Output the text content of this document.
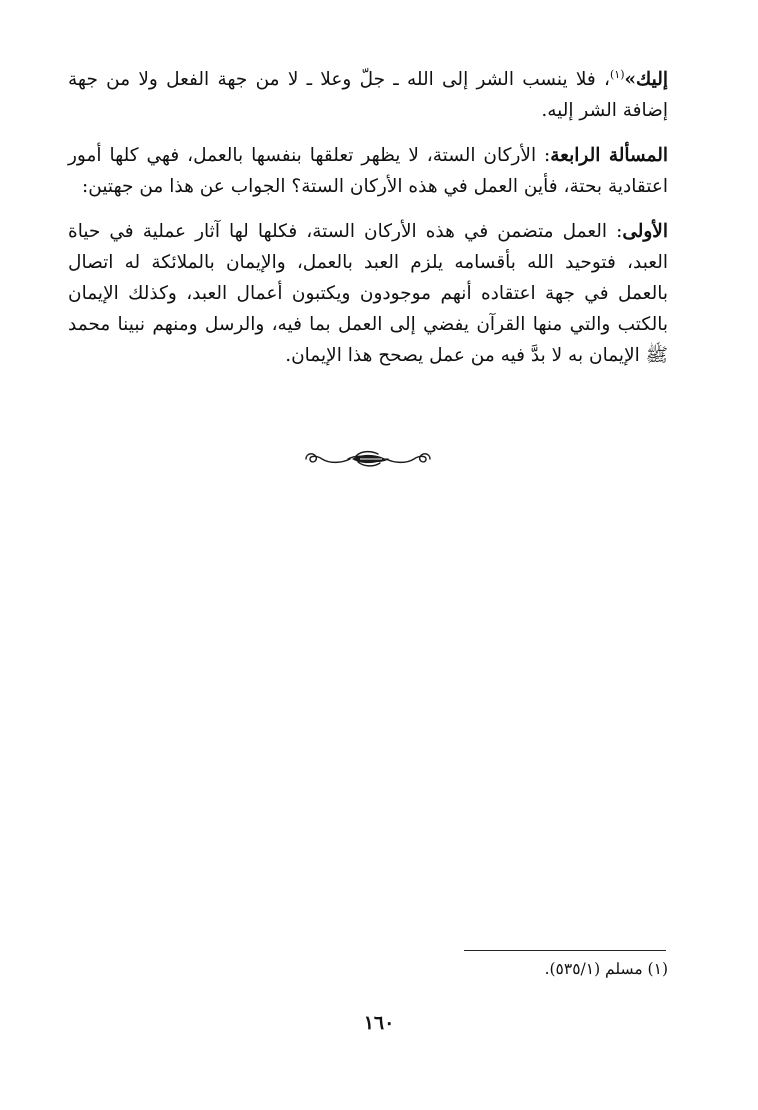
إليك»$^{(١)}$، فلا ينسب الشر إلى الله ـ جلّ وعلا ـ لا من جهة الفعل ولا من جهة إضافة الشر إليه.

المسألة الرابعة: الأركان الستة، لا يظهر تعلقها بنفسها بالعمل، فهي كلها أمور اعتقادية بحتة، فأين العمل في هذه الأركان الستة؟ الجواب عن هذا من جهتين:

الأولى: العمل متضمن في هذه الأركان الستة، فكلها لها آثار عملية في حياة العبد، فتوحيد الله بأقسامه يلزم العبد بالعمل، والإيمان بالملائكة له اتصال بالعمل في جهة اعتقاده أنهم موجودون ويكتبون أعمال العبد، وكذلك الإيمان بالكتب والتي منها القرآن يفضي إلى العمل بما فيه، والرسل ومنهم نبينا محمد ﷺ الإيمان به لا بدَّ فيه من عمل يصحح هذا الإيمان.

(١) مسلم (٥٣٥/١).
١٦٠
